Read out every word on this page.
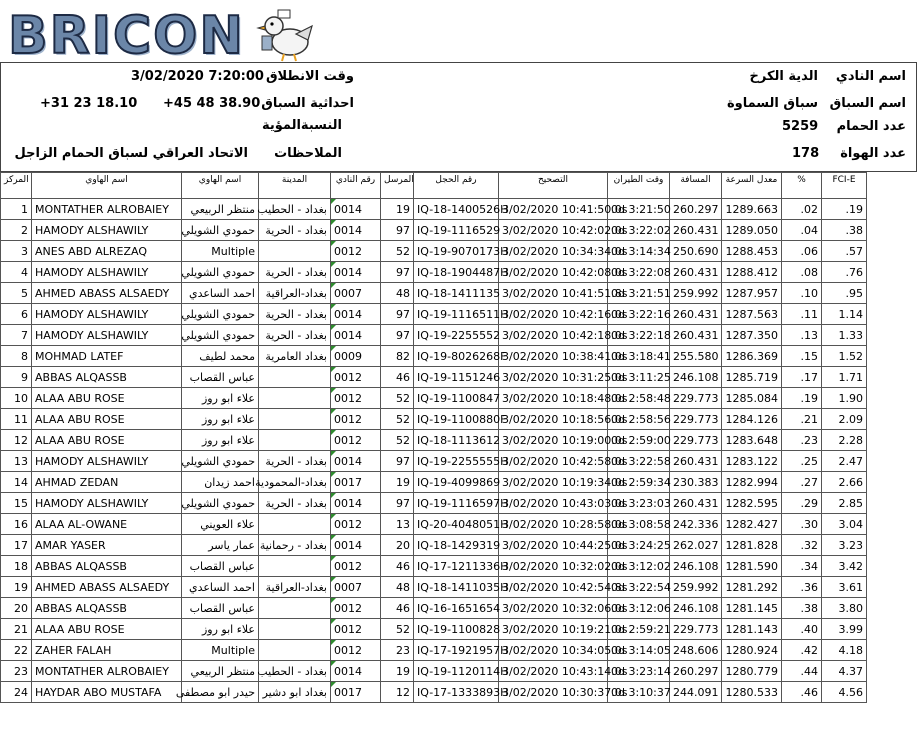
BRICON
وقت الانطلاق
3/02/2020 7:20:00
احداثية السباق
+31 23 18.10 +45 48 38.90
النسبةالمؤية
الملاحظات
الاتحاد العراقي لسباق الحمام الزاجل
اسم النادي
الدية الكرخ
اسم السباق
سباق السماوة
عدد الحمام
5259
عدد الهواة
178
المركز	اسم الهاوي	اسم الهاوي	المدينة	رقم النادي	المرسل	رقم الحجل	التصحيح	وقت الطيران	المسافة	معدل السرعة	%	FCI-E
1	MONTATHER ALROBAIEY	منتظر الربيعي	بغداد - الحطيب	0014	19	IQ-18-1400526H	3/02/2020 10:41:50.0s	0d 3:21:50	260.297	1289.663	.02	.19
2	HAMODY ALSHAWILY	حمودي الشويلي	بغداد - الحرية	0014	97	IQ-19-1116529	3/02/2020 10:42:02.0s	0d 3:22:02	260.431	1289.050	.04	.38
3	ANES ABD ALREZAQ	Multiple		0012	52	IQ-19-9070173H	3/02/2020 10:34:34.0s	0d 3:14:34	250.690	1288.453	.06	.57
4	HAMODY ALSHAWILY	حمودي الشويلي	بغداد - الحرية	0014	97	IQ-18-1904487H	3/02/2020 10:42:08.0s	0d 3:22:08	260.431	1288.412	.08	.76
5	AHMED ABASS ALSAEDY	احمد الساعدي	بغداد-العراقية	0007	48	IQ-18-1411135	3/02/2020 10:41:51.8s	0d 3:21:51	259.992	1287.957	.10	.95
6	HAMODY ALSHAWILY	حمودي الشويلي	بغداد - الحرية	0014	97	IQ-19-1116511H	3/02/2020 10:42:16.0s	0d 3:22:16	260.431	1287.563	.11	1.14
7	HAMODY ALSHAWILY	حمودي الشويلي	بغداد - الحرية	0014	97	IQ-19-2255552	3/02/2020 10:42:18.0s	0d 3:22:18	260.431	1287.350	.13	1.33
8	MOHMAD LATEF	محمد لطيف	بغداد العامرية	0009	82	IQ-19-8026268F	3/02/2020 10:38:41.0s	0d 3:18:41	255.580	1286.369	.15	1.52
9	ABBAS ALQASSB	عباس القصاب		0012	46	IQ-19-1151246	3/02/2020 10:31:25.0s	0d 3:11:25	246.108	1285.719	.17	1.71
10	ALAA ABU ROSE	علاء ابو روز		0012	52	IQ-19-1100847	3/02/2020 10:18:48.0s	0d 2:58:48	229.773	1285.084	.19	1.90
11	ALAA ABU ROSE	علاء ابو روز		0012	52	IQ-19-1100880F	3/02/2020 10:18:56.0s	0d 2:58:56	229.773	1284.126	.21	2.09
12	ALAA ABU ROSE	علاء ابو روز		0012	52	IQ-18-1113612	3/02/2020 10:19:00.0s	0d 2:59:00	229.773	1283.648	.23	2.28
13	HAMODY ALSHAWILY	حمودي الشويلي	بغداد - الحرية	0014	97	IQ-19-2255555H	3/02/2020 10:42:58.0s	0d 3:22:58	260.431	1283.122	.25	2.47
14	AHMAD ZEDAN	احمد زيدان	بغداد-المحمودية	0017	19	IQ-19-4099869	3/02/2020 10:19:34.0s	0d 2:59:34	230.383	1282.994	.27	2.66
15	HAMODY ALSHAWILY	حمودي الشويلي	بغداد - الحرية	0014	97	IQ-19-1116597H	3/02/2020 10:43:03.0s	0d 3:23:03	260.431	1282.595	.29	2.85
16	ALAA AL-OWANE	علاء العويني		0012	13	IQ-20-4048051H	3/02/2020 10:28:58.0s	0d 3:08:58	242.336	1282.427	.30	3.04
17	AMAR YASER	عمار ياسر	بغداد - رحمانية	0014	20	IQ-18-1429319	3/02/2020 10:44:25.0s	0d 3:24:25	262.027	1281.828	.32	3.23
18	ABBAS ALQASSB	عباس القصاب		0012	46	IQ-17-1211336H	3/02/2020 10:32:02.0s	0d 3:12:02	246.108	1281.590	.34	3.42
19	AHMED ABASS ALSAEDY	احمد الساعدي	بغداد-العراقية	0007	48	IQ-18-1411035H	3/02/2020 10:42:54.8s	0d 3:22:54	259.992	1281.292	.36	3.61
20	ABBAS ALQASSB	عباس القصاب		0012	46	IQ-16-1651654	3/02/2020 10:32:06.0s	0d 3:12:06	246.108	1281.145	.38	3.80
21	ALAA ABU ROSE	علاء ابو روز		0012	52	IQ-19-1100828	3/02/2020 10:19:21.0s	0d 2:59:21	229.773	1281.143	.40	3.99
22	ZAHER FALAH	Multiple		0012	23	IQ-17-1921957H	3/02/2020 10:34:05.0s	0d 3:14:05	248.606	1280.924	.42	4.18
23	MONTATHER ALROBAIEY	منتظر الربيعي	بغداد - الحطيب	0014	19	IQ-19-1120114H	3/02/2020 10:43:14.0s	0d 3:23:14	260.297	1280.779	.44	4.37
24	HAYDAR ABO MUSTAFA	حيدر ابو مصطفى	بغداد ابو دشير	0017	12	IQ-17-1333893H	3/02/2020 10:30:37.0s	0d 3:10:37	244.091	1280.533	.46	4.56
